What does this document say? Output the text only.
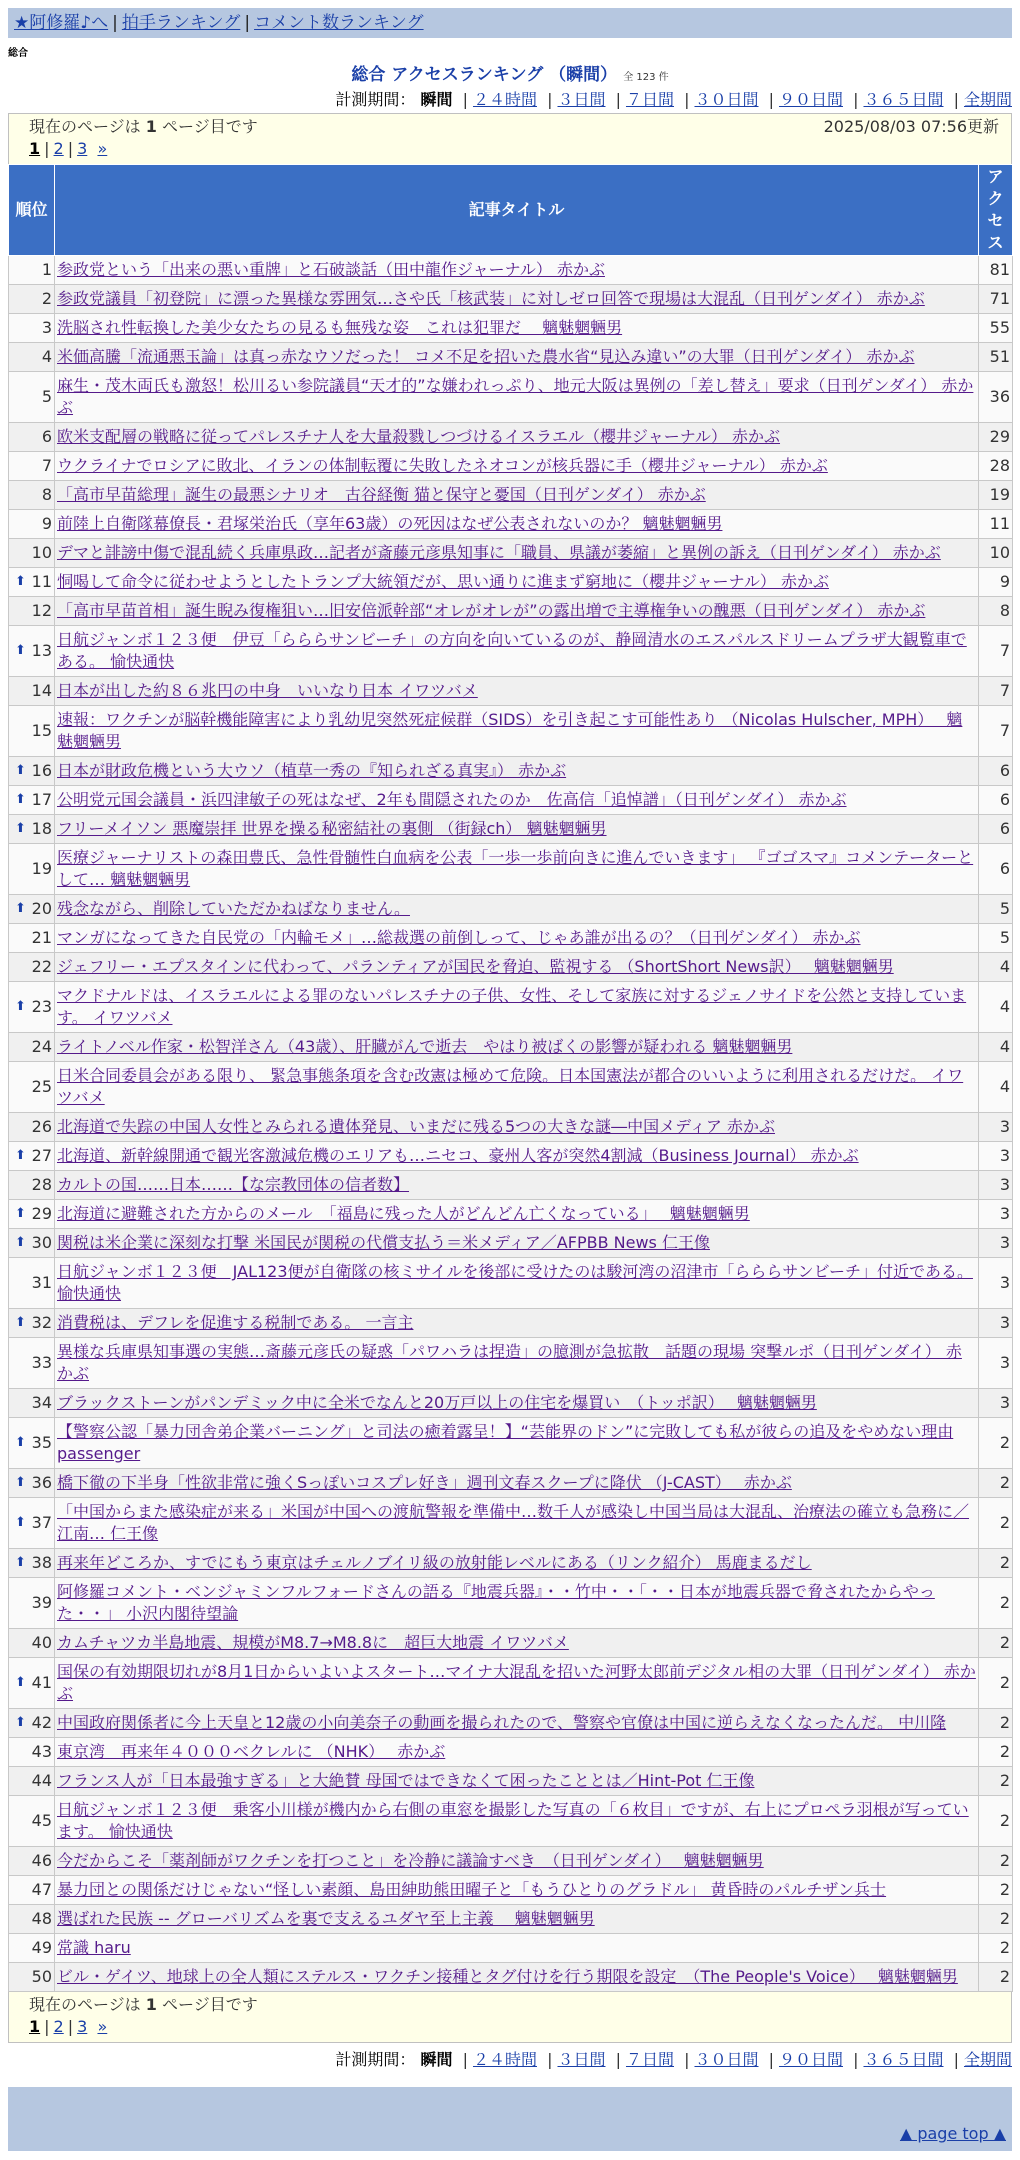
★阿修羅♪へ | 拍手ランキング | コメント数ランキング
総合
総合 アクセスランキング （瞬間） 全 123 件
計測期間： 瞬間 | ２４時間 | ３日間 | ７日間 | ３０日間 | ９０日間 | ３６５日間 | 全期間
現在のページは 1 ページ目です	2025/08/03 07:56更新
1 | 2 | 3 »
順位	記事タイトル	アクセス
1	参政党という「出来の悪い重牌」と石破談話（田中龍作ジャーナル） 赤かぶ	81
2	参政党議員「初登院」に漂った異様な雰囲気…さや氏「核武装」に対しゼロ回答で現場は大混乱（日刊ゲンダイ） 赤かぶ	71
3	洗脳され性転換した美少女たちの見るも無残な姿　これは犯罪だ　 魑魅魍魎男	55
4	米価高騰「流通悪玉論」は真っ赤なウソだった！ コメ不足を招いた農水省“見込み違い”の大罪（日刊ゲンダイ） 赤かぶ	51
5	麻生・茂木両氏も激怒！松川るい参院議員“天才的”な嫌われっぷり、地元大阪は異例の「差し替え」要求（日刊ゲンダイ） 赤かぶ	36
6	欧米支配層の戦略に従ってパレスチナ人を大量殺戮しつづけるイスラエル（櫻井ジャーナル） 赤かぶ	29
7	ウクライナでロシアに敗北、イランの体制転覆に失敗したネオコンが核兵器に手（櫻井ジャーナル） 赤かぶ	28
8	「高市早苗総理」誕生の最悪シナリオ　古谷経衡 猫と保守と憂国（日刊ゲンダイ） 赤かぶ	19
9	前陸上自衛隊幕僚長・君塚栄治氏（享年63歳）の死因はなぜ公表されないのか？ 魑魅魍魎男	11
10	デマと誹謗中傷で混乱続く兵庫県政…記者が斎藤元彦県知事に「職員、県議が萎縮」と異例の訴え（日刊ゲンダイ） 赤かぶ	10

⬆ 11	恫喝して命令に従わせようとしたトランプ大統領だが、思い通りに進まず窮地に（櫻井ジャーナル） 赤かぶ	9
12	「高市早苗首相」誕生睨み復権狙い…旧安倍派幹部“オレがオレが”の露出増で主導権争いの醜悪（日刊ゲンダイ） 赤かぶ	8

⬆ 13	日航ジャンボ１２３便　伊豆「らららサンビーチ」の方向を向いているのが、静岡清水のエスパルスドリームプラザ大観覧車である。 愉快通快	7
14	日本が出した約８６兆円の中身　いいなり日本 イワツバメ	7
15	速報：ワクチンが脳幹機能障害により乳幼児突然死症候群（SIDS）を引き起こす可能性あり （Nicolas Hulscher, MPH）　 魑魅魍魎男	7

⬆ 16	日本が財政危機という大ウソ（植草一秀の『知られざる真実』） 赤かぶ	6

⬆ 17	公明党元国会議員・浜四津敏子の死はなぜ、2年も間隠されたのか　佐高信「追悼譜」（日刊ゲンダイ） 赤かぶ	6

⬆ 18	フリーメイソン 悪魔崇拝 世界を操る秘密結社の裏側 （街録ch） 魑魅魍魎男	6
19	医療ジャーナリストの森田豊氏、急性骨髄性白血病を公表「一歩一歩前向きに進んでいきます」 『ゴゴスマ』コメンテーターとして… 魑魅魍魎男	6

⬆ 20	残念ながら、削除していただかねばなりません。	5
21	マンガになってきた自民党の「内輪モメ」…総裁選の前倒しって、じゃあ誰が出るの？（日刊ゲンダイ） 赤かぶ	5
22	ジェフリー・エプスタインに代わって、パランティアが国民を脅迫、監視する （ShortShort News訳）　 魑魅魍魎男	4

⬆ 23	マクドナルドは、イスラエルによる罪のないパレスチナの子供、女性、そして家族に対するジェノサイドを公然と支持しています。 イワツバメ	4
24	ライトノベル作家・松智洋さん（43歳）、肝臓がんで逝去　やはり被ばくの影響が疑われる 魑魅魍魎男	4
25	日米合同委員会がある限り、 緊急事態条項を含む改憲は極めて危険。日本国憲法が都合のいいように利用されるだけだ。 イワツバメ	4
26	北海道で失踪の中国人女性とみられる遺体発見、いまだに残る5つの大きな謎―中国メディア 赤かぶ	3

⬆ 27	北海道、新幹線開通で観光客激減危機のエリアも…ニセコ、豪州人客が突然4割減（Business Journal） 赤かぶ	3
28	カルトの国……日本……【な宗教団体の信者数】	3

⬆ 29	北海道に避難された方からのメール　「福島に残った人がどんどん亡くなっている」　 魑魅魍魎男	3

⬆ 30	関税は米企業に深刻な打撃 米国民が関税の代償支払う＝米メディア／AFPBB News 仁王像	3
31	日航ジャンボ１２３便　JAL123便が自衛隊の核ミサイルを後部に受けたのは駿河湾の沼津市「らららサンビーチ」付近である。 愉快通快	3

⬆ 32	消費税は、デフレを促進する税制である。 一言主	3
33	異様な兵庫県知事選の実態…斎藤元彦氏の疑惑「パワハラは捏造」の臆測が急拡散　話題の現場 突撃ルポ（日刊ゲンダイ） 赤かぶ	3
34	ブラックストーンがパンデミック中に全米でなんと20万戸以上の住宅を爆買い　（トッポ訳）　 魑魅魍魎男	3

⬆ 35	【警察公認「暴力団舎弟企業バーニング」と司法の癒着露呈！】“芸能界のドン”に完敗しても私が彼らの追及をやめない理由 passenger	2

⬆ 36	橋下徹の下半身「性欲非常に強くSっぽいコスプレ好き」週刊文春スクープに降伏 （J-CAST）　 赤かぶ	2

⬆ 37	「中国からまた感染症が来る」米国が中国への渡航警報を準備中…数千人が感染し中国当局は大混乱、治療法の確立も急務に／江南… 仁王像	2

⬆ 38	再来年どころか、すでにもう東京はチェルノブイリ級の放射能レベルにある（リンク紹介） 馬鹿まるだし	2
39	阿修羅コメント・ベンジャミンフルフォードさんの語る『地震兵器』・・竹中・・「・・日本が地震兵器で脅されたからやった・・」 小沢内閣待望論	2
40	カムチャツカ半島地震、規模がM8.7→M8.8に　超巨大地震 イワツバメ	2

⬆ 41	国保の有効期限切れが8月1日からいよいよスタート…マイナ大混乱を招いた河野太郎前デジタル相の大罪（日刊ゲンダイ） 赤かぶ	2

⬆ 42	中国政府関係者に今上天皇と12歳の小向美奈子の動画を撮られたので、警察や官僚は中国に逆らえなくなったんだ。 中川隆	2
43	東京湾　再来年４０００ベクレルに （NHK）　 赤かぶ	2
44	フランス人が「日本最強すぎる」と大絶賛 母国ではできなくて困ったこととは／Hint-Pot 仁王像	2
45	日航ジャンボ１２３便　乗客小川様が機内から右側の車窓を撮影した写真の「６枚目」ですが、右上にプロペラ羽根が写っています。 愉快通快	2
46	今だからこそ「薬剤師がワクチンを打つこと」を冷静に議論すべき　（日刊ゲンダイ）　 魑魅魍魎男	2
47	暴力団との関係だけじゃない“怪しい素顔、島田紳助熊田曜子と「もうひとりのグラドル」 黄昏時のパルチザン兵士	2
48	選ばれた民族 -- グローバリズムを裏で支えるユダヤ至上主義　 魑魅魍魎男	2
49	常識 haru	2
50	ビル・ゲイツ、地球上の全人類にステルス・ワクチン接種とタグ付けを行う期限を設定　（The People's Voice）　 魑魅魍魎男	2
現在のページは 1 ページ目です
1 | 2 | 3 »
計測期間： 瞬間 | ２４時間 | ３日間 | ７日間 | ３０日間 | ９０日間 | ３６５日間 | 全期間
▲ page top ▲
